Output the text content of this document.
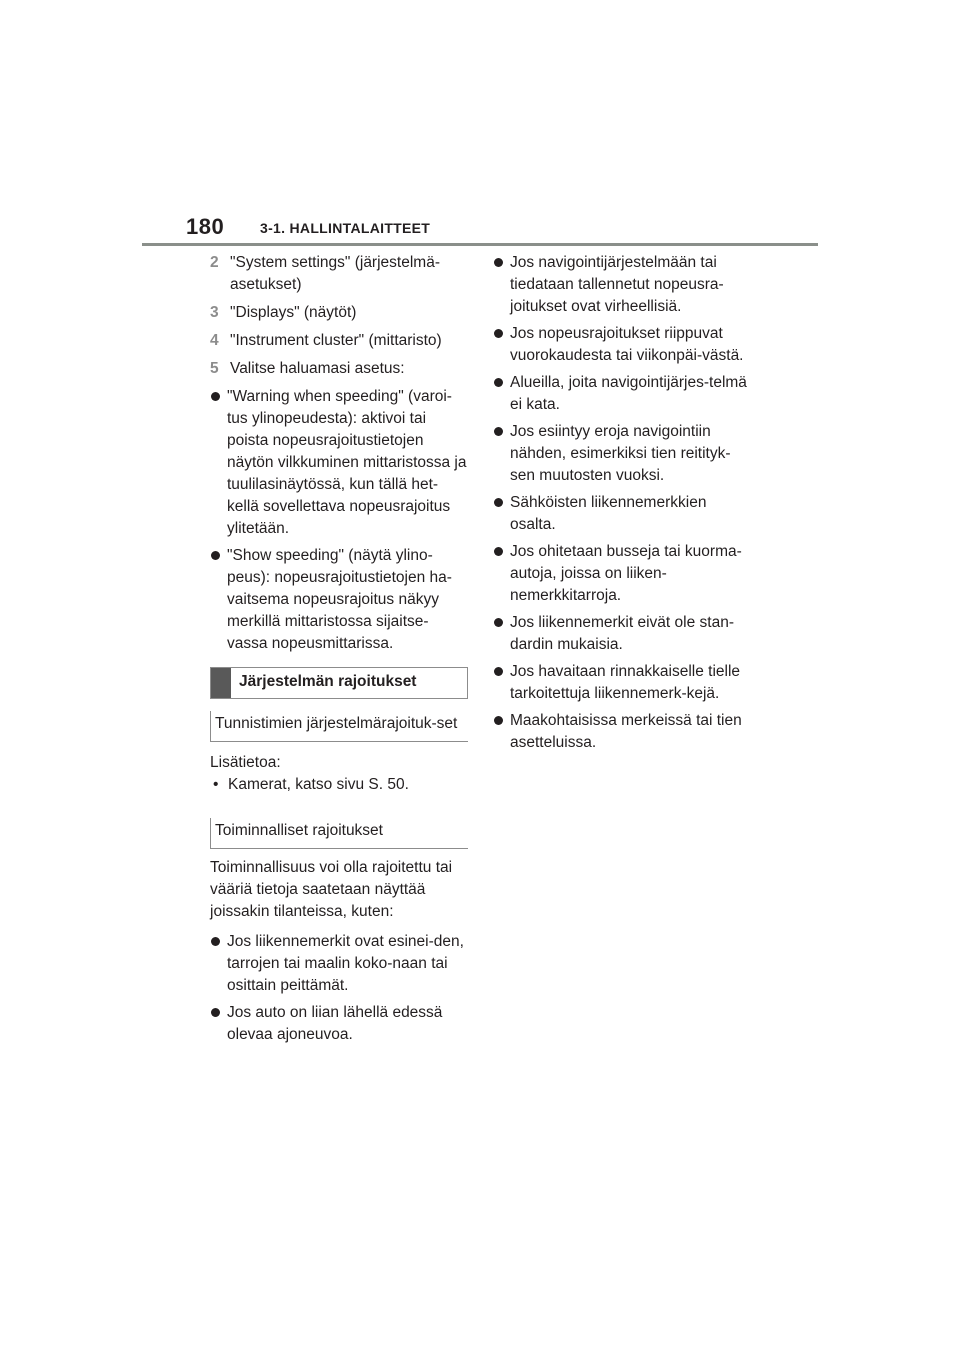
180	3-1. HALLINTALAITTEET
2 "System settings" (järjestelmä-asetukset)
3 "Displays" (näytöt)
4 "Instrument cluster" (mittaristo)
5 Valitse haluamasi asetus:
"Warning when speeding" (varoi-tus ylinopeudesta): aktivoi tai poista nopeusrajoitustietojen näytön vilkkuminen mittaristossa ja tuulilasinäytössä, kun tällä het-kellä sovellettava nopeusrajoitus ylitetään.
"Show speeding" (näytä ylino-peus): nopeusrajoitustietojen ha-vaitsema nopeusrajoitus näkyy merkillä mittaristossa sijaitse-vassa nopeusmittarissa.
Järjestelmän rajoitukset
Tunnistimien järjestelmärajoituk-set
Lisätietoa:
• Kamerat, katso sivu S. 50.
Toiminnalliset rajoitukset

Toiminnallisuus voi olla rajoitettu tai vääriä tietoja saatetaan näyttää joissakin tilanteissa, kuten:

Jos liikennemerkit ovat esinei-den, tarrojen tai maalin koko-naan tai osittain peittämät.
Jos auto on liian lähellä edessä olevaa ajoneuvoa.
Jos navigointijärjestelmään tai tiedataan tallennetut nopeusra-joitukset ovat virheellisiä.
Jos nopeusrajoitukset riippuvat vuorokaudesta tai viikonpäi-västä.
Alueilla, joita navigointijärjes-telmä ei kata.
Jos esiintyy eroja navigointiin nähden, esimerkiksi tien reitityk-sen muutosten vuoksi.
Sähköisten liikennemerkkien osalta.
Jos ohitetaan busseja tai kuorma-autoja, joissa on liiken-nemerkkitarroja.
Jos liikennemerkit eivät ole stan-dardin mukaisia.
Jos havaitaan rinnakkaiselle tielle tarkoitettuja liikennemerk-kejä.
Maakohtaisissa merkeissä tai tien asetteluissa.
